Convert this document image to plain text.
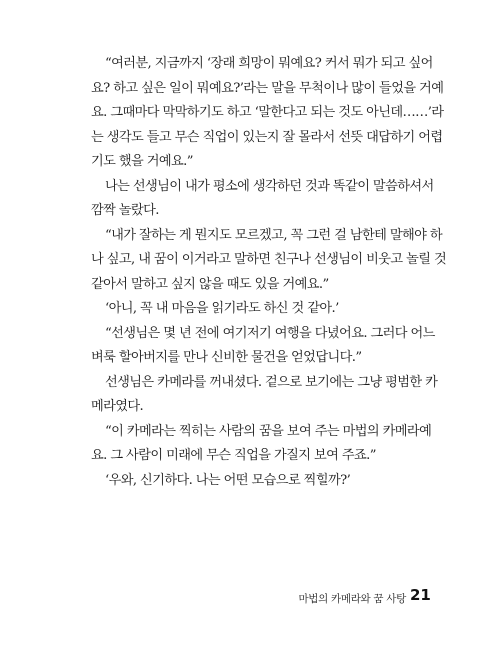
“여러분, 지금까지 ‘장래 희망이 뭐예요? 커서 뭐가 되고 싶어
요? 하고 싶은 일이 뭐예요?’라는 말을 무척이나 많이 들었을 거예
요. 그때마다 막막하기도 하고 ‘말한다고 되는 것도 아닌데……’라
는 생각도 들고 무슨 직업이 있는지 잘 몰라서 선뜻 대답하기 어렵
기도 했을 거예요.”

나는 선생님이 내가 평소에 생각하던 것과 똑같이 말씀하셔서
깜짝 놀랐다.

“내가 잘하는 게 뭔지도 모르겠고, 꼭 그런 걸 남한테 말해야 하
나 싶고, 내 꿈이 이거라고 말하면 친구나 선생님이 비웃고 놀릴 것
같아서 말하고 싶지 않을 때도 있을 거예요.”

‘아니, 꼭 내 마음을 읽기라도 하신 것 같아.’

“선생님은 몇 년 전에 여기저기 여행을 다녔어요. 그러다 어느
벼룩 할아버지를 만나 신비한 물건을 얻었답니다.”

선생님은 카메라를 꺼내셨다. 겉으로 보기에는 그냥 평범한 카
메라였다.

“이 카메라는 찍히는 사람의 꿈을 보여 주는 마법의 카메라예
요. 그 사람이 미래에 무슨 직업을 가질지 보여 주죠.”

‘우와, 신기하다. 나는 어떤 모습으로 찍힐까?’

마법의 카메라와 꿈 사탕 21
